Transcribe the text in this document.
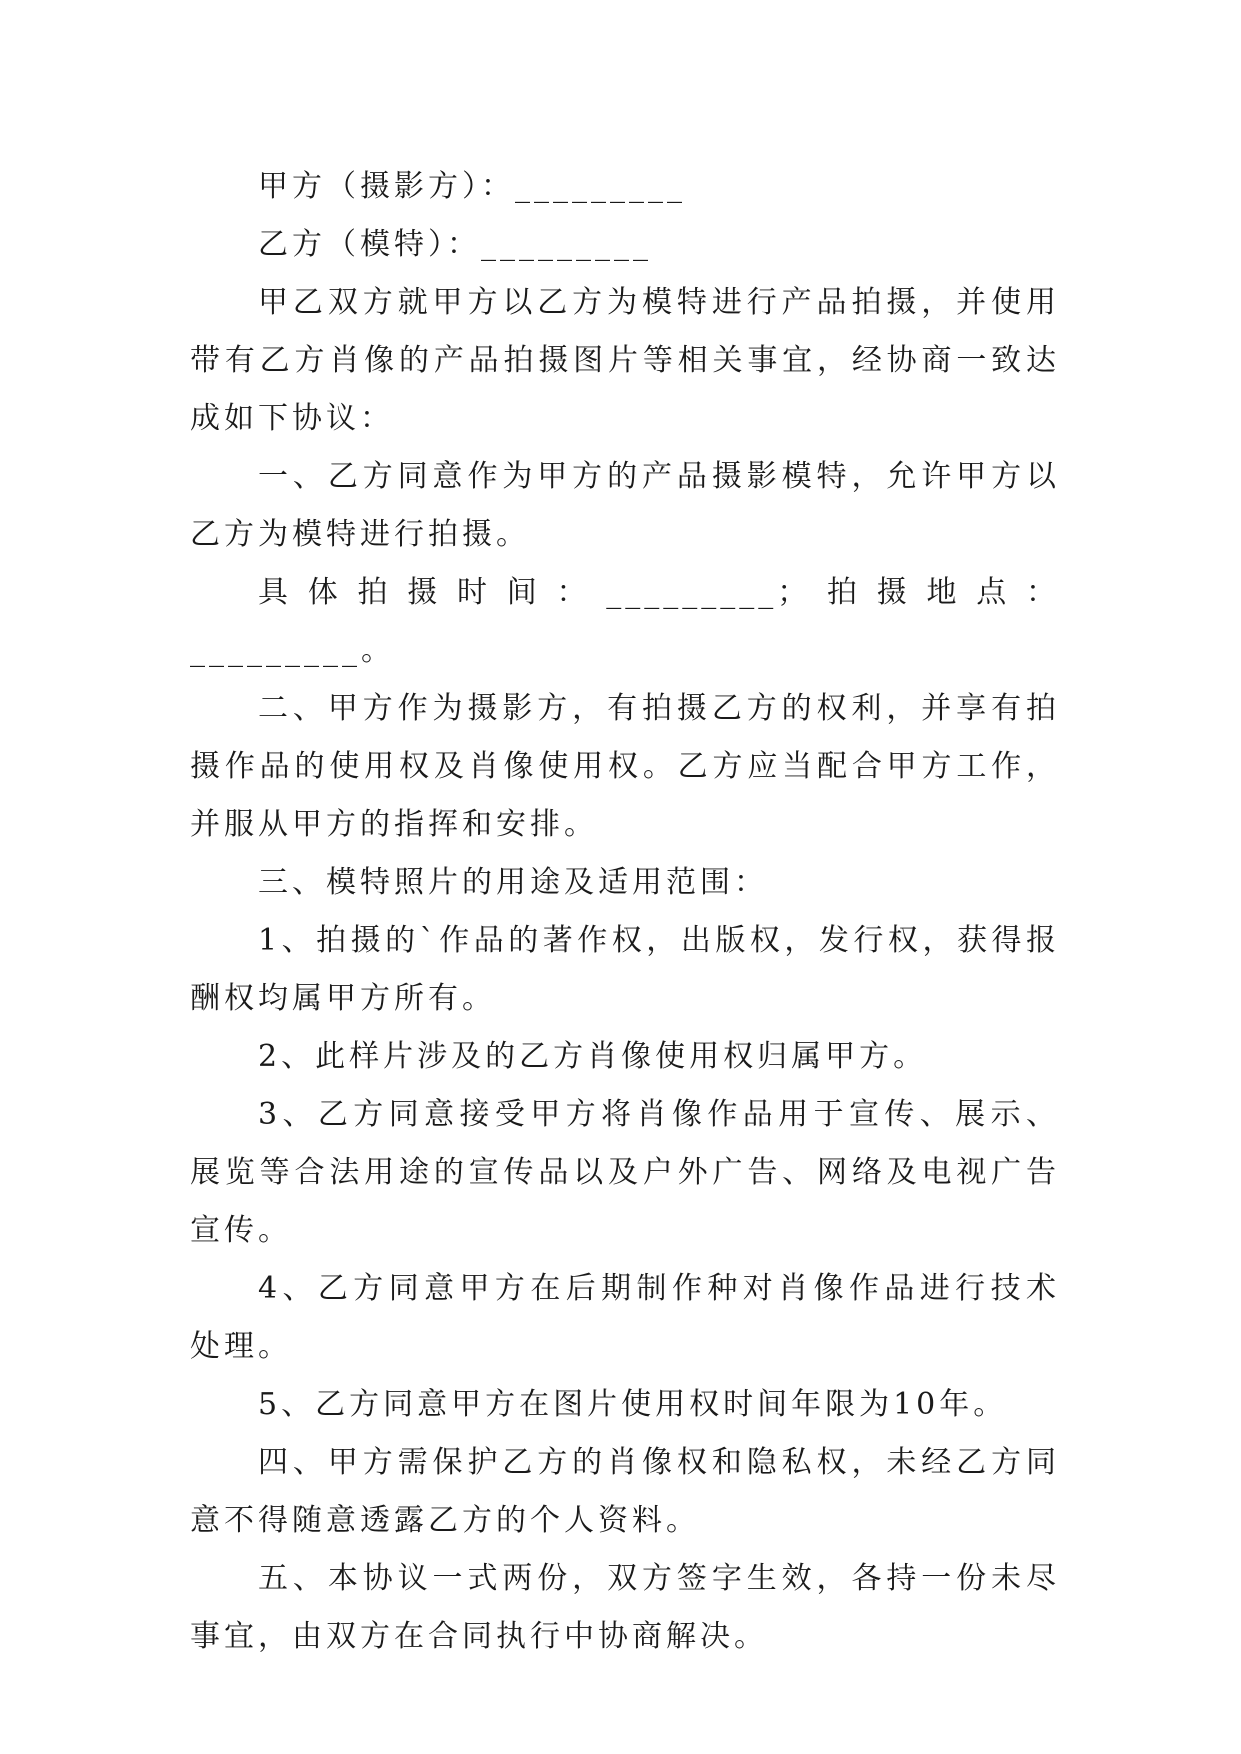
甲方（摄影方）：_________

乙方（模特）：_________

甲乙双方就甲方以乙方为模特进行产品拍摄，并使用带有乙方肖像的产品拍摄图片等相关事宜，经协商一致达成如下协议：

一、乙方同意作为甲方的产品摄影模特，允许甲方以乙方为模特进行拍摄。

具体拍摄时间：_________；拍摄地点：_________。

二、甲方作为摄影方，有拍摄乙方的权利，并享有拍摄作品的使用权及肖像使用权。乙方应当配合甲方工作，并服从甲方的指挥和安排。

三、模特照片的用途及适用范围：

1、拍摄的`作品的著作权，出版权，发行权，获得报酬权均属甲方所有。

2、此样片涉及的乙方肖像使用权归属甲方。

3、乙方同意接受甲方将肖像作品用于宣传、展示、展览等合法用途的宣传品以及户外广告、网络及电视广告宣传。

4、乙方同意甲方在后期制作种对肖像作品进行技术处理。

5、乙方同意甲方在图片使用权时间年限为10年。

四、甲方需保护乙方的肖像权和隐私权，未经乙方同意不得随意透露乙方的个人资料。

五、本协议一式两份，双方签字生效，各持一份未尽事宜，由双方在合同执行中协商解决。
